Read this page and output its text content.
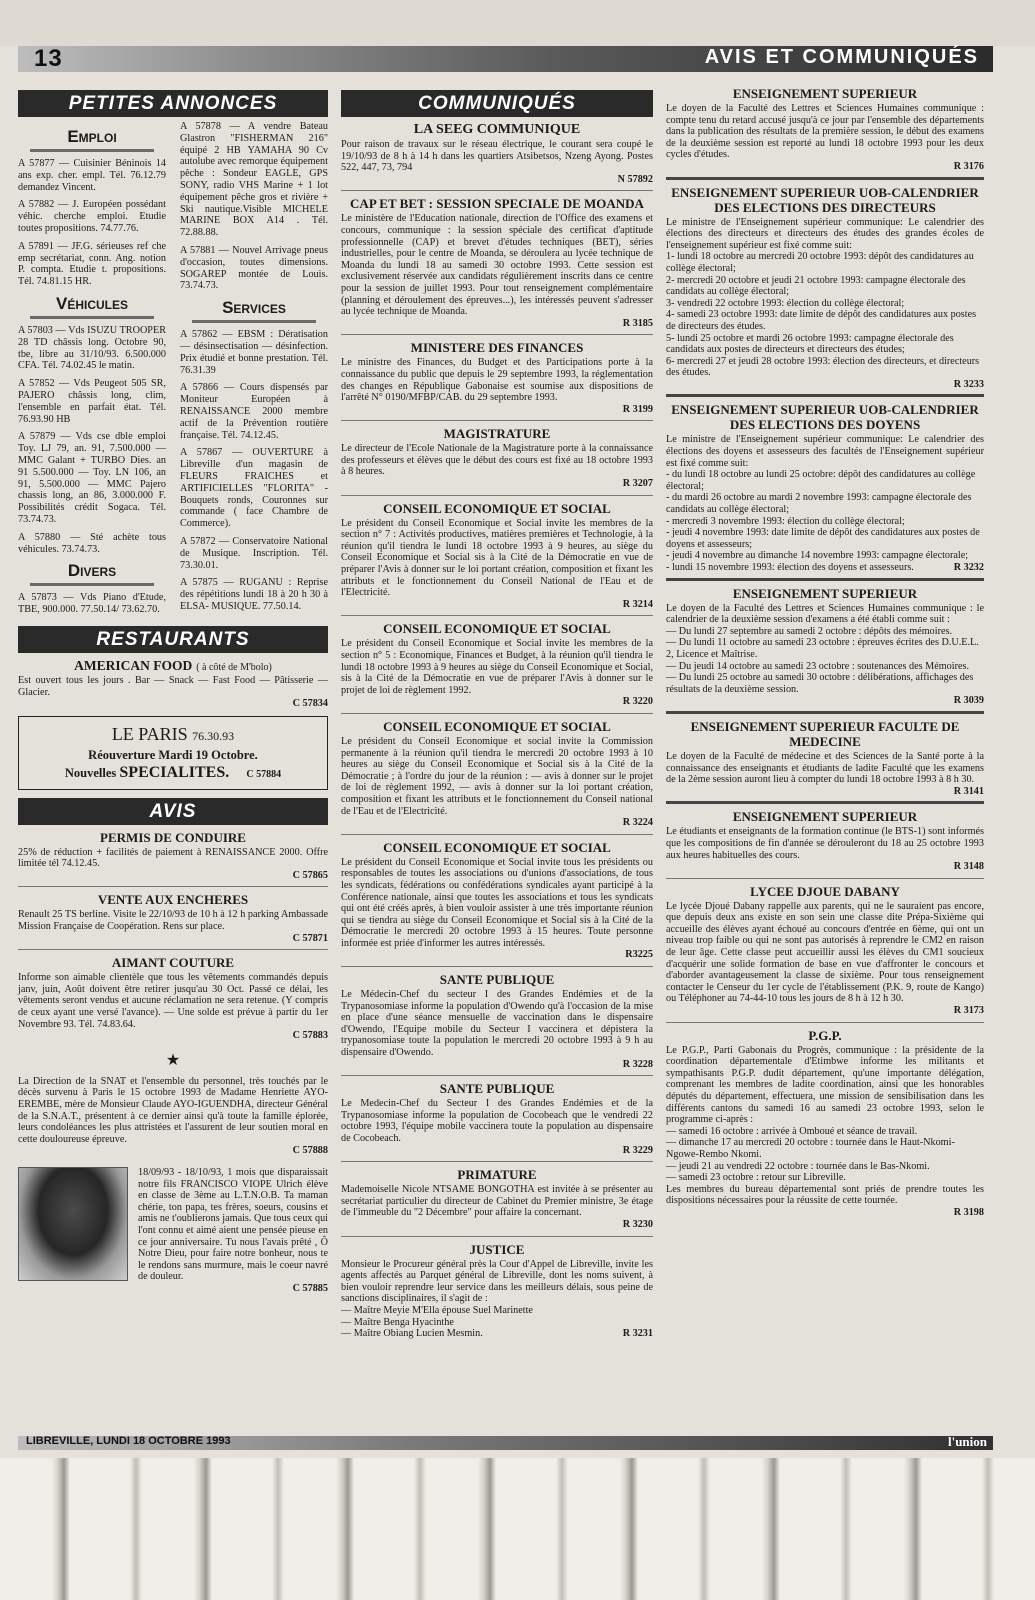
13	AVIS ET COMMUNIQUÉS
PETITES ANNONCES
Emploi
A 57877 — Cuisinier Béninois 14 ans exp. cher. empl. Tél. 76.12.79 demandez Vincent.
A 57882 — J. Européen possédant véhic. cherche emploi. Etudie toutes propositions. 74.77.76.
A 57891 — JF.G. sérieuses ref che emp secrétariat, conn. Ang. notion P. compta. Etudie t. propositions. Tél. 74.81.15 HR.
Véhicules
A 57803 — Vds ISUZU TROOPER 28 TD châssis long. Octobre 90, tbe, libre au 31/10/93. 6.500.000 CFA. Tél. 74.02.45 le matin.
A 57852 — Vds Peugeot 505 SR, PAJERO châssis long, clim, l'ensemble en parfait état. Tél. 76.93.90 HB
A 57879 — Vds cse dble emploi Toy. LJ 79, an. 91, 7.500.000 — MMC Galant + TURBO Dies. an 91 5.500.000 — Toy. LN 106, an 91, 5.500.000 — MMC Pajero chassis long, an 86, 3.000.000 F. Possibilités crédit Sogaca. Tél. 73.74.73.
A 57880 — Sté achète tous véhicules. 73.74.73.
Divers
A 57873 — Vds Piano d'Etude, TBE, 900.000. 77.50.14/ 73.62.70.
A 57878 — A vendre Bateau Glastron "FISHERMAN 216" équipé 2 HB YAMAHA 90 Cv autolube avec remorque équipement pêche : Sondeur EAGLE, GPS SONY, radio VHS Marine + 1 lot équipement pêche gros et rivière + Ski nautique.Visible MICHELE MARINE BOX A14 . Tél. 72.88.88.
A 57881 — Nouvel Arrivage pneus d'occasion, toutes dimensions. SOGAREP montée de Louis. 73.74.73.
Services
A 57862 — EBSM : Dératisation — désinsectisation — désinfection. Prix étudié et bonne prestation. Tél. 76.31.39
A 57866 — Cours dispensés par Moniteur Européen à RENAISSANCE 2000 membre actif de la Prévention routière française. Tél. 74.12.45.
A 57867 — OUVERTURE à Libreville d'un magasin de FLEURS FRAICHES et ARTIFICIELLES "FLORITA" - Bouquets ronds, Couronnes sur commande ( face Chambre de Commerce).
A 57872 — Conservatoire National de Musique. Inscription. Tél. 73.30.01.
A 57875 — RUGANU : Reprise des répétitions lundi 18 à 20 h 30 à ELSA- MUSIQUE. 77.50.14.
RESTAURANTS
AMERICAN FOOD ( à côté de M'bolo)
Est ouvert tous les jours . Bar — Snack — Fast Food — Pâtisserie — Glacier.
C 57834
LE PARIS 76.30.93
Réouverture Mardi 19 Octobre.
Nouvelles SPECIALITES. C 57884
AVIS
PERMIS DE CONDUIRE
25% de réduction + facilités de paiement à RENAISSANCE 2000. Offre limitée tél 74.12.45.
C 57865
VENTE AUX ENCHERES
Renault 25 TS berline. Visite le 22/10/93 de 10 h à 12 h parking Ambassade Mission Française de Coopération. Rens sur place.
C 57871
AIMANT COUTURE
Informe son aimable clientèle que tous les vêtements commandés depuis janv, juin, Août doivent être retirer jusqu'au 30 Oct. Passé ce délai, les vêtements seront vendus et aucune réclamation ne sera retenue. (Y compris de ceux ayant une versé l'avance). — Une solde est prévue à partir du 1er Novembre 93. Tél. 74.83.64.
C 57883
★
La Direction de la SNAT et l'ensemble du personnel, très touchés par le décès survenu à Paris le 15 octobre 1993 de Madame Henriette AYO-EREMBE, mère de Monsieur Claude AYO-IGUENDHA, directeur Général de la S.N.A.T., présentent à ce dernier ainsi qu'à toute la famille éplorée, leurs condoléances les plus attristées et l'assurent de leur soutien moral en cette douloureuse épreuve.
C 57888
18/09/93 - 18/10/93, 1 mois que disparaissait notre fils FRANCISCO VIOPE Ulrich élève en classe de 3ème au L.T.N.O.B. Ta maman chérie, ton papa, tes frères, soeurs, cousins et amis ne t'oublierons jamais. Que tous ceux qui l'ont connu et aimé aient une pensée pieuse en ce jour anniversaire. Tu nous l'avais prêté , Ô Notre Dieu, pour faire notre bonheur, nous te le rendons sans murmure, mais le coeur navré de douleur.
C 57885
COMMUNIQUÉS
LA SEEG COMMUNIQUE
Pour raison de travaux sur le réseau électrique, le courant sera coupé le 19/10/93 de 8 h à 14 h dans les quartiers Atsibetsos, Nzeng Ayong. Postes 522, 447, 73, 794
N 57892
CAP ET BET : SESSION SPECIALE DE MOANDA
Le ministère de l'Education nationale, direction de l'Office des examens et concours, communique : la session spéciale des certificat d'aptitude professionnelle (CAP) et brevet d'études techniques (BET), séries industrielles, pour le centre de Moanda, se déroulera au lycée technique de Moanda du lundi 18 au samedi 30 octobre 1993. Cette session est exclusivement réservée aux candidats régulièrement inscrits dans ce centre pour la session de juillet 1993. Pour tout renseignement complémentaire (planning et déroulement des épreuves...), les intéressés peuvent s'adresser au lycée technique de Moanda.
R 3185
MINISTERE DES FINANCES
Le ministre des Finances, du Budget et des Participations porte à la connaissance du public que depuis le 29 septembre 1993, la réglementation des changes en République Gabonaise est soumise aux dispositions de l'arrêté N° 0190/MFBP/CAB. du 29 septembre 1993.
R 3199
MAGISTRATURE
Le directeur de l'Ecole Nationale de la Magistrature porte à la connaissance des professeurs et élèves que le début des cours est fixé au 18 octobre 1993 à 8 heures.
R 3207
CONSEIL ECONOMIQUE ET SOCIAL
Le président du Conseil Economique et Social invite les membres de la section n° 7 : Activités productives, matières premières et Technologie, à la réunion qu'il tiendra le lundi 18 octobre 1993 à 9 heures, au siège du Conseil Economique et Social sis à la Cité de la Démocratie en vue de préparer l'Avis à donner sur le loi portant création, composition et fixant les attributs et le fonctionnement du Conseil National de l'Eau et de l'Electricité.
R 3214
CONSEIL ECONOMIQUE ET SOCIAL
Le président du Conseil Economique et Social invite les membres de la section n° 5 : Economique, Finances et Budget, à la réunion qu'il tiendra le lundi 18 octobre 1993 à 9 heures au siège du Conseil Economique et Social, sis à la Cité de la Démocratie en vue de préparer l'Avis à donner sur le projet de loi de règlement 1992.
R 3220
CONSEIL ECONOMIQUE ET SOCIAL
Le président du Conseil Economique et social invite la Commission permanente à la réunion qu'il tiendra le mercredi 20 octobre 1993 à 10 heures au siège du Conseil Economique et Social sis à la Cité de la Démocratie ; à l'ordre du jour de la réunion : — avis à donner sur le projet de loi de règlement 1992, — avis à donner sur la loi portant création, composition et fixant les attributs et le fonctionnement du Conseil national de l'Eau et de l'Electricité.
R 3224
CONSEIL ECONOMIQUE ET SOCIAL
Le président du Conseil Economique et Social invite tous les présidents ou responsables de toutes les associations ou d'unions d'associations, de tous les syndicats, fédérations ou confédérations syndicales ayant participé à la Conférence nationale, ainsi que toutes les associations et tous les syndicats qui ont été créés après, à bien vouloir assister à une très importante réunion qui se tiendra au siège du Conseil Economique et Social sis à la Cité de la Démocratie le mercredi 20 octobre 1993 à 15 heures. Toute personne informée est priée d'informer les autres intéressés.
R3225
SANTE PUBLIQUE
Le Médecin-Chef du secteur I des Grandes Endémies et de la Trypanosomiase informe la population d'Owendo qu'à l'occasion de la mise en place d'une séance mensuelle de vaccination dans le dispensaire d'Owendo, l'Equipe mobile du Secteur I vaccinera et dépistera la trypanosomiase toute la population le mercredi 20 octobre 1993 à 9 h au dispensaire d'Owendo.
R 3228
SANTE PUBLIQUE
Le Medecin-Chef du Secteur I des Grandes Endémies et de la Trypanosomiase informe la population de Cocobeach que le vendredi 22 octobre 1993, l'équipe mobile vaccinera toute la population au dispensaire de Cocobeach.
R 3229
PRIMATURE
Mademoiselle Nicole NTSAME BONGOTHA est invitée à se présenter au secrétariat particulier du directeur de Cabinet du Premier ministre, 3e étage de l'immeuble du "2 Décembre" pour affaire la concernant.
R 3230
JUSTICE
Monsieur le Procureur général près la Cour d'Appel de Libreville, invite les agents affectés au Parquet général de Libreville, dont les noms suivent, à bien vouloir reprendre leur service dans les meilleurs délais, sous peine de sanctions disciplinaires, il s'agit de :
— Maître Meyie M'Ella épouse Suel Marinette
— Maître Benga Hyacinthe
— Maître Obiang Lucien Mesmin.	R 3231
ENSEIGNEMENT SUPERIEUR
Le doyen de la Faculté des Lettres et Sciences Humaines communique : compte tenu du retard accusé jusqu'à ce jour par l'ensemble des départements dans la publication des résultats de la première session, le début des examens de la deuxième session est reporté au lundi 18 octobre 1993 pour les deux cycles d'études.
R 3176
ENSEIGNEMENT SUPERIEUR UOB-CALENDRIER DES ELECTIONS DES DIRECTEURS
Le ministre de l'Enseignement supérieur communique: Le calendrier des élections des directeurs et directeurs des études des grandes écoles de l'enseignement supérieur est fixé comme suit:
1- lundi 18 octobre au mercredi 20 octobre 1993: dépôt des candidatures au collège électoral;
2- mercredi 20 octobre et jeudi 21 octobre 1993: campagne électorale des candidats au collège électoral;
3- vendredi 22 octobre 1993: élection du collège électoral;
4- samedi 23 octobre 1993: date limite de dépôt des candidatures aux postes de directeurs des études.
5- lundi 25 octobre et mardi 26 octobre 1993: campagne électorale des candidats aux postes de directeurs et directeurs des études;
6- mercredi 27 et jeudi 28 octobre 1993: élection des directeurs, et directeurs des études.
R 3233
ENSEIGNEMENT SUPERIEUR UOB-CALENDRIER DES ELECTIONS DES DOYENS
Le ministre de l'Enseignement supérieur communique: Le calendrier des élections des doyens et assesseurs des facultés de l'Enseignement supérieur est fixé comme suit:
- du lundi 18 octobre au lundi 25 octobre: dépôt des candidatures au collège électoral;
- du mardi 26 octobre au mardi 2 novembre 1993: campagne électorale des candidats au collège électoral;
- mercredi 3 novembre 1993: élection du collège électoral;
- jeudi 4 novembre 1993: date limite de dépôt des candidatures aux postes de doyens et assesseurs;
- jeudi 4 novembre au dimanche 14 novembre 1993: campagne électorale;
- lundi 15 novembre 1993: élection des doyens et assesseurs.	R 3232
ENSEIGNEMENT SUPERIEUR
Le doyen de la Faculté des Lettres et Sciences Humaines communique : le calendrier de la deuxième session d'examens a été établi comme suit :
— Du lundi 27 septembre au samedi 2 octobre : dépôts des mémoires.
— Du lundi 11 octobre au samedi 23 octobre : épreuves écrites des D.U.E.L. 2, Licence et Maîtrise.
— Du jeudi 14 octobre au samedi 23 octobre : soutenances des Mémoires.
— Du lundi 25 octobre au samedi 30 octobre : délibérations, affichages des résultats de la deuxième session.
R 3039
ENSEIGNEMENT SUPERIEUR FACULTE DE MEDECINE
Le doyen de la Faculté de médecine et des Sciences de la Santé porte à la connaissance des enseignants et étudiants de ladite Faculté que les examens de la 2ème session auront lieu à compter du lundi 18 octobre 1993 à 8 h 30.
R 3141
ENSEIGNEMENT SUPERIEUR
Le étudiants et enseignants de la formation continue (le BTS-1) sont informés que les compositions de fin d'année se dérouleront du 18 au 25 octobre 1993 aux heures habituelles des cours.
R 3148
LYCEE DJOUE DABANY
Le lycée Djoué Dabany rappelle aux parents, qui ne le sauraient pas encore, que depuis deux ans existe en son sein une classe dite Prépa-Sixième qui accueille des élèves ayant échoué au concours d'entrée en 6ème, qui ont un niveau trop faible ou qui ne sont pas autorisés à reprendre le CM2 en raison de leur âge. Cette classe peut accueillir aussi les élèves du CM1 soucieux d'acquérir une solide formation de base en vue d'affronter le concours et d'aborder avantageusement la classe de sixième. Pour tous renseignement contacter le Censeur du 1er cycle de l'établissement (P.K. 9, route de Kango) ou Téléphoner au 74-44-10 tous les jours de 8 h à 12 h 30.
R 3173
P.G.P.
Le P.G.P., Parti Gabonais du Progrès, communique : la présidente de la coordination départementale d'Etimbwe informe les militants et sympathisants P.G.P. dudit département, qu'une importante délégation, comprenant les membres de ladite coordination, ainsi que les honorables députés du département, effectuera, une mission de sensibilisation dans les différents cantons du samedi 16 au samedi 23 octobre 1993, selon le programme ci-après :
— samedi 16 octobre : arrivée à Omboué et séance de travail.
— dimanche 17 au mercredi 20 octobre : tournée dans le Haut-Nkomi-Ngowe-Rembo Nkomi.
— jeudi 21 au vendredi 22 octobre : tournée dans le Bas-Nkomi.
— samedi 23 octobre : retour sur Libreville.
Les membres du bureau départemental sont priés de prendre toutes les dispositions nécessaires pour la réussite de cette tournée.
R 3198
LIBREVILLE, LUNDI 18 OCTOBRE 1993	l'union
